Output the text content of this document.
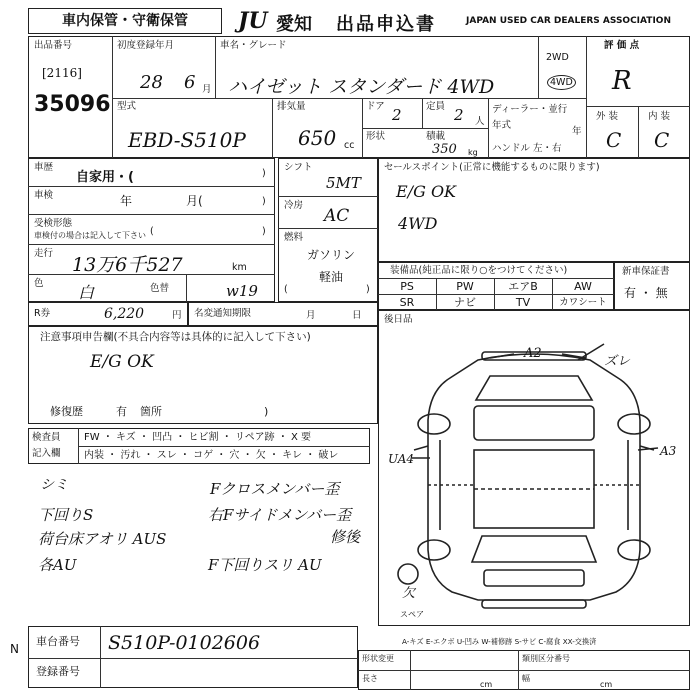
車内保管・守衛保管	JU 愛知 出品申込書	JAPAN USED CAR DEALERS ASSOCIATION
出品番号
[2116]
35096
初度登録年月
28 6 月
車名・グレード
ハイゼット スタンダード 4WD
2WD
4WD
評 価 点
R
外 装	内 装
C C
型式
EBD-S510P
排気量
650 cc
ドア 2	定員 2 人
形状	積載
350 kg
ディーラー・並行
年式
年
ハンドル 左・右
車歴
自家用・(	)
車検	年	月(	)
受検形態
車検付の場合は記入して下さい (	)
走行
13万6千527	km
色 白	色替	w19
シフト
5MT
冷房
AC
燃料
ガソリン 軽油
(	)
セールスポイント(正常に機能するものに限ります)
E/G OK
4WD
装備品(純正品に限り○をつけてください)
PS	PW	エアB	AW
SR	ナビ	TV	カワシート
新車保証書
有 ・ 無
R券	6,220	円 名変通知期限	月	日
注意事項申告欄(不具合内容等は具体的に記入して下さい)
E/G OK
修復歴	有 箇所	)
後日品
検査員
記入欄
FW ・ キズ ・ 凹凸 ・ ヒビ割 ・ リペア跡 ・ X 要
内装 ・ 汚れ ・ スレ ・ コゲ ・ 穴 ・ 欠 ・ キレ ・ 破レ
シミ
下回りS
荷台床アオリ AUS
各AU
Fクロスメンバー歪
右Fサイドメンバー歪
修後
F下回りスリ AU
A2
ズレ
UA4
A3
欠
スペア
A-キズ E-エクボ U-凹み W-補修跡 S-サビ C-腐食 XX-交換済
車台番号 S510P-0102606
登録番号
N
形状変更
長さ
cm
幅
cm
類別区分番号
